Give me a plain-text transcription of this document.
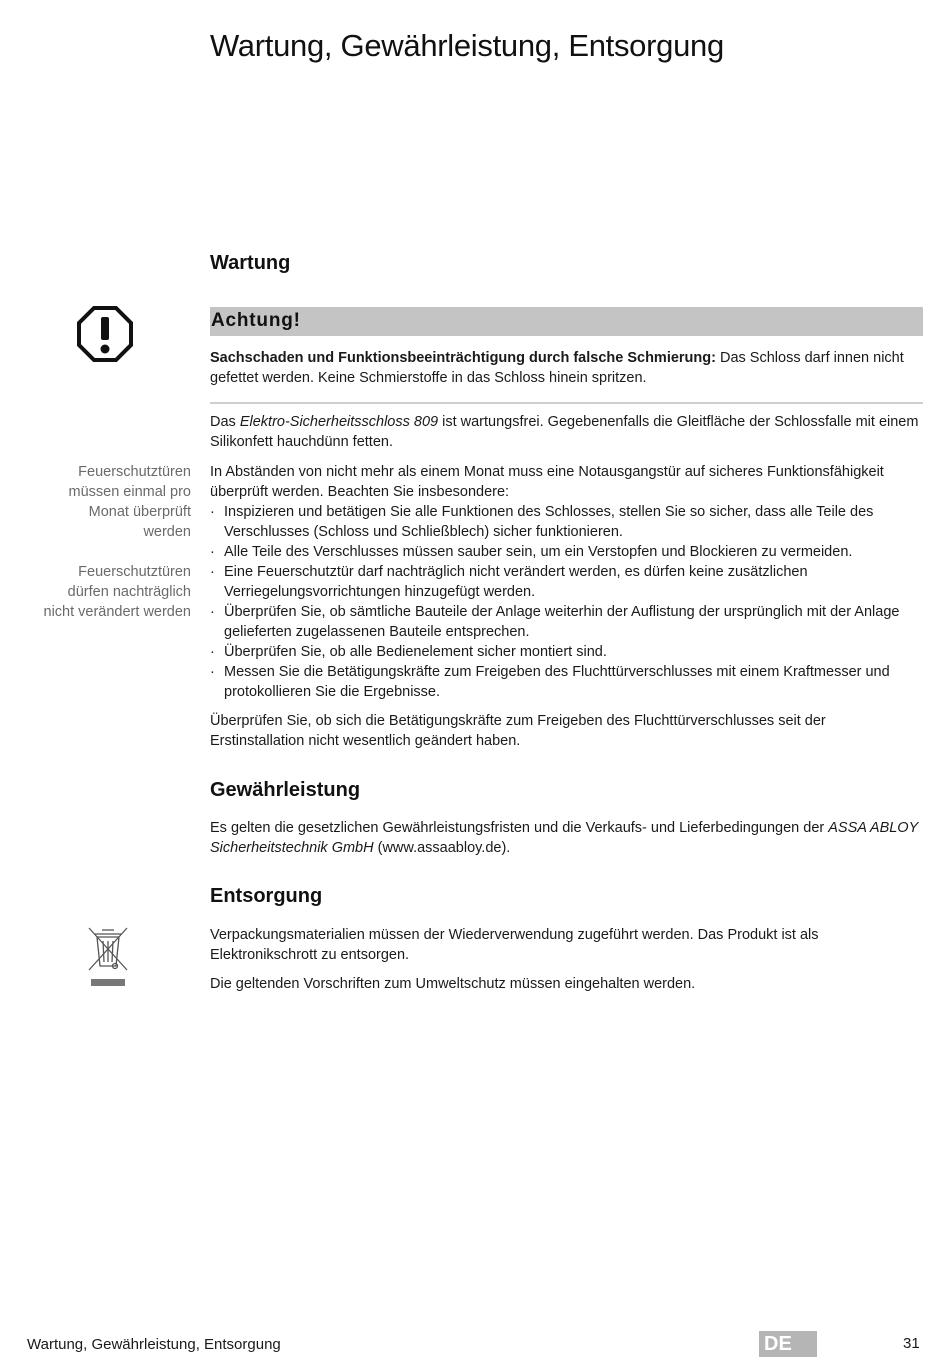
Wartung, Gewährleistung, Entsorgung
Wartung
Achtung!

Sachschaden und Funktionsbeeinträchtigung durch falsche Schmierung: Das Schloss darf innen nicht gefettet werden. Keine Schmierstoffe in das Schloss hinein spritzen.

Das Elektro-Sicherheitsschloss 809 ist wartungsfrei. Gegebenenfalls die Gleitfläche der Schlossfalle mit einem Silikonfett hauchdünn fetten.

Feuerschutztüren müssen einmal pro Monat überprüft werden
Feuerschutztüren dürfen nachträglich nicht verändert werden

In Abständen von nicht mehr als einem Monat muss eine Notausgangstür auf sicheres Funktionsfähigkeit überprüft werden. Beachten Sie insbesondere:

· Inspizieren und betätigen Sie alle Funktionen des Schlosses, stellen Sie so sicher, dass alle Teile des Verschlusses (Schloss und Schließblech) sicher funktionieren.
· Alle Teile des Verschlusses müssen sauber sein, um ein Verstopfen und Blockieren zu vermeiden.
· Eine Feuerschutztür darf nachträglich nicht verändert werden, es dürfen keine zusätzlichen Verriegelungsvorrichtungen hinzugefügt werden.
· Überprüfen Sie, ob sämtliche Bauteile der Anlage weiterhin der Auflistung der ursprünglich mit der Anlage gelieferten zugelassenen Bauteile entsprechen.
· Überprüfen Sie, ob alle Bedienelement sicher montiert sind.
· Messen Sie die Betätigungskräfte zum Freigeben des Fluchttürverschlusses mit einem Kraftmesser und protokollieren Sie die Ergebnisse.

Überprüfen Sie, ob sich die Betätigungskräfte zum Freigeben des Fluchttürverschlusses seit der Erstinstallation nicht wesentlich geändert haben.

Gewährleistung

Es gelten die gesetzlichen Gewährleistungsfristen und die Verkaufs- und Lieferbedingungen der ASSA ABLOY Sicherheitstechnik GmbH (www.assaabloy.de).

Entsorgung

Verpackungsmaterialien müssen der Wiederverwendung zugeführt werden. Das Produkt ist als Elektronikschrott zu entsorgen.

Die geltenden Vorschriften zum Umweltschutz müssen eingehalten werden.

Wartung, Gewährleistung, Entsorgung	DE	31
